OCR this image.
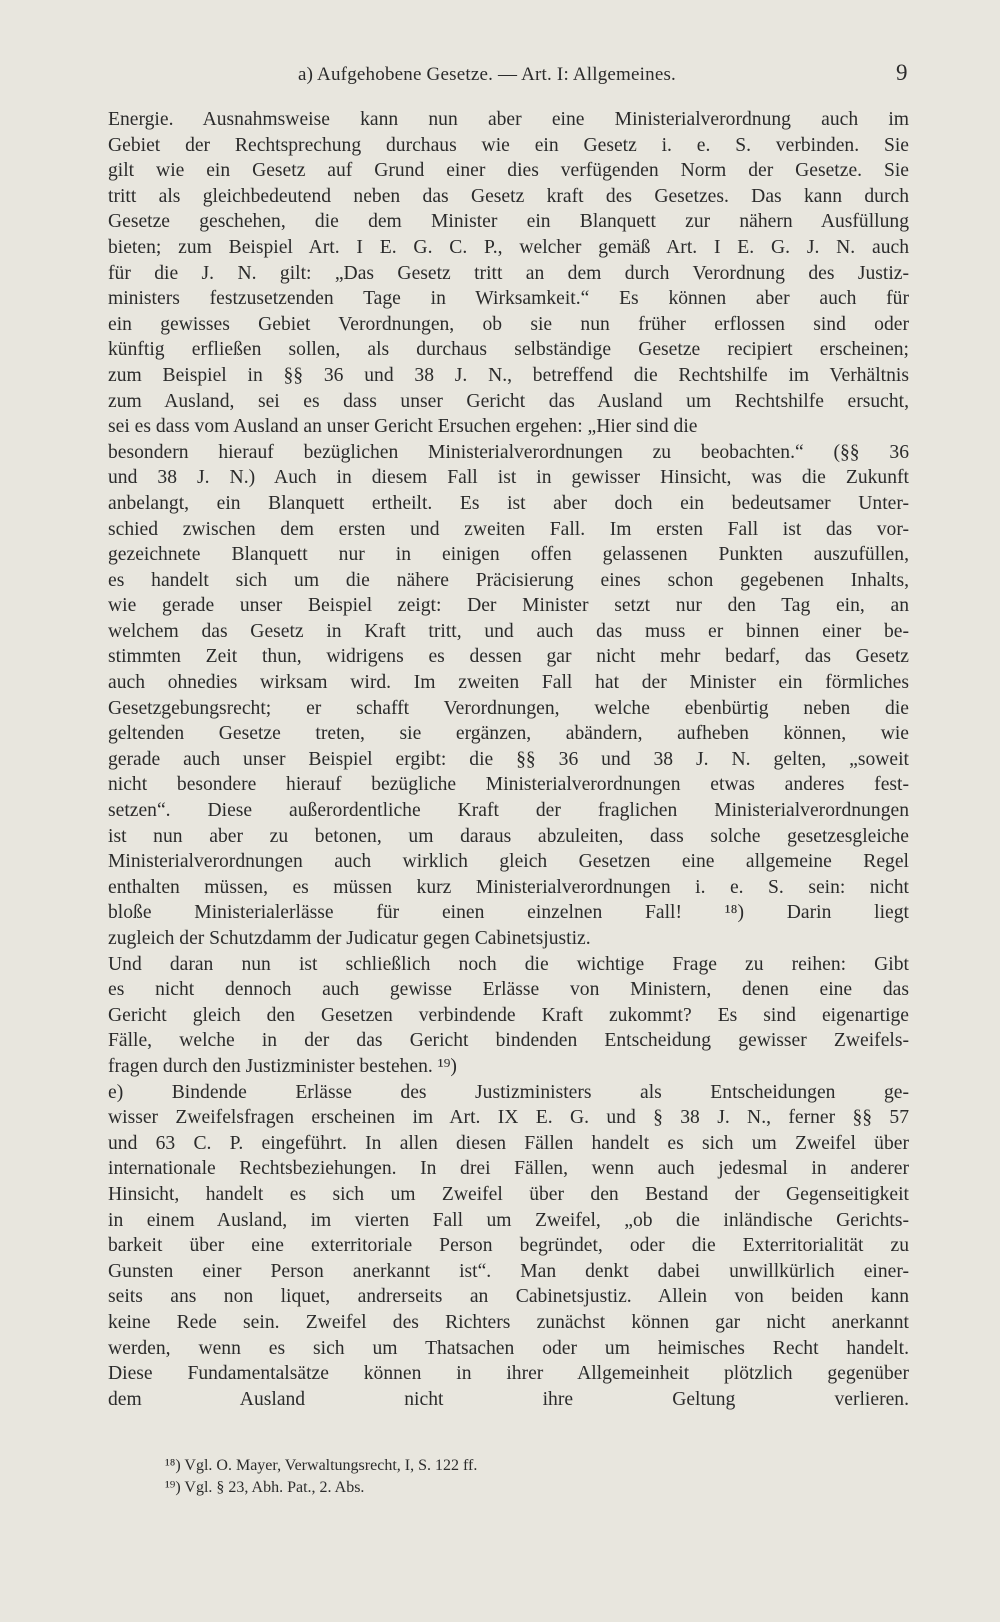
a) Aufgehobene Gesetze. — Art. I: Allgemeines.	9
Energie. Ausnahmsweise kann nun aber eine Ministerialverordnung auch im
Gebiet der Rechtsprechung durchaus wie ein Gesetz i. e. S. verbinden. Sie
gilt wie ein Gesetz auf Grund einer dies verfügenden Norm der Gesetze. Sie
tritt als gleichbedeutend neben das Gesetz kraft des Gesetzes. Das kann durch
Gesetze geschehen, die dem Minister ein Blanquett zur nähern Ausfüllung
bieten; zum Beispiel Art. I E. G. C. P., welcher gemäß Art. I E. G. J. N. auch
für die J. N. gilt: „Das Gesetz tritt an dem durch Verordnung des Justiz-
ministers festzusetzenden Tage in Wirksamkeit.“ Es können aber auch für
ein gewisses Gebiet Verordnungen, ob sie nun früher erflossen sind oder
künftig erfließen sollen, als durchaus selbständige Gesetze recipiert erscheinen;
zum Beispiel in §§ 36 und 38 J. N., betreffend die Rechtshilfe im Verhältnis
zum Ausland, sei es dass unser Gericht das Ausland um Rechtshilfe ersucht,
sei es dass vom Ausland an unser Gericht Ersuchen ergehen: „Hier sind die
besondern hierauf bezüglichen Ministerialverordnungen zu beobachten.“ (§§ 36
und 38 J. N.) Auch in diesem Fall ist in gewisser Hinsicht, was die Zukunft
anbelangt, ein Blanquett ertheilt. Es ist aber doch ein bedeutsamer Unter-
schied zwischen dem ersten und zweiten Fall. Im ersten Fall ist das vor-
gezeichnete Blanquett nur in einigen offen gelassenen Punkten auszufüllen,
es handelt sich um die nähere Präcisierung eines schon gegebenen Inhalts,
wie gerade unser Beispiel zeigt: Der Minister setzt nur den Tag ein, an
welchem das Gesetz in Kraft tritt, und auch das muss er binnen einer be-
stimmten Zeit thun, widrigens es dessen gar nicht mehr bedarf, das Gesetz
auch ohnedies wirksam wird. Im zweiten Fall hat der Minister ein förmliches
Gesetzgebungsrecht; er schafft Verordnungen, welche ebenbürtig neben die
geltenden Gesetze treten, sie ergänzen, abändern, aufheben können, wie
gerade auch unser Beispiel ergibt: die §§ 36 und 38 J. N. gelten, „soweit
nicht besondere hierauf bezügliche Ministerialverordnungen etwas anderes fest-
setzen“. Diese außerordentliche Kraft der fraglichen Ministerialverordnungen
ist nun aber zu betonen, um daraus abzuleiten, dass solche gesetzesgleiche
Ministerialverordnungen auch wirklich gleich Gesetzen eine allgemeine Regel
enthalten müssen, es müssen kurz Ministerialverordnungen i. e. S. sein: nicht
bloße Ministerialerlässe für einen einzelnen Fall! ¹⁸) Darin liegt
zugleich der Schutzdamm der Judicatur gegen Cabinetsjustiz.
Und daran nun ist schließlich noch die wichtige Frage zu reihen: Gibt
es nicht dennoch auch gewisse Erlässe von Ministern, denen eine das
Gericht gleich den Gesetzen verbindende Kraft zukommt? Es sind eigenartige
Fälle, welche in der das Gericht bindenden Entscheidung gewisser Zweifels-
fragen durch den Justizminister bestehen. ¹⁹)
e) Bindende Erlässe des Justizministers als Entscheidungen ge-
wisser Zweifelsfragen erscheinen im Art. IX E. G. und § 38 J. N., ferner §§ 57
und 63 C. P. eingeführt. In allen diesen Fällen handelt es sich um Zweifel über
internationale Rechtsbeziehungen. In drei Fällen, wenn auch jedesmal in anderer
Hinsicht, handelt es sich um Zweifel über den Bestand der Gegenseitigkeit
in einem Ausland, im vierten Fall um Zweifel, „ob die inländische Gerichts-
barkeit über eine exterritoriale Person begründet, oder die Exterritorialität zu
Gunsten einer Person anerkannt ist“. Man denkt dabei unwillkürlich einer-
seits ans non liquet, andrerseits an Cabinetsjustiz. Allein von beiden kann
keine Rede sein. Zweifel des Richters zunächst können gar nicht anerkannt
werden, wenn es sich um Thatsachen oder um heimisches Recht handelt.
Diese Fundamentalsätze können in ihrer Allgemeinheit plötzlich gegenüber
dem Ausland nicht ihre Geltung verlieren.
¹⁸) Vgl. O. Mayer, Verwaltungsrecht, I, S. 122 ff.
¹⁹) Vgl. § 23, Abh. Pat., 2. Abs.
